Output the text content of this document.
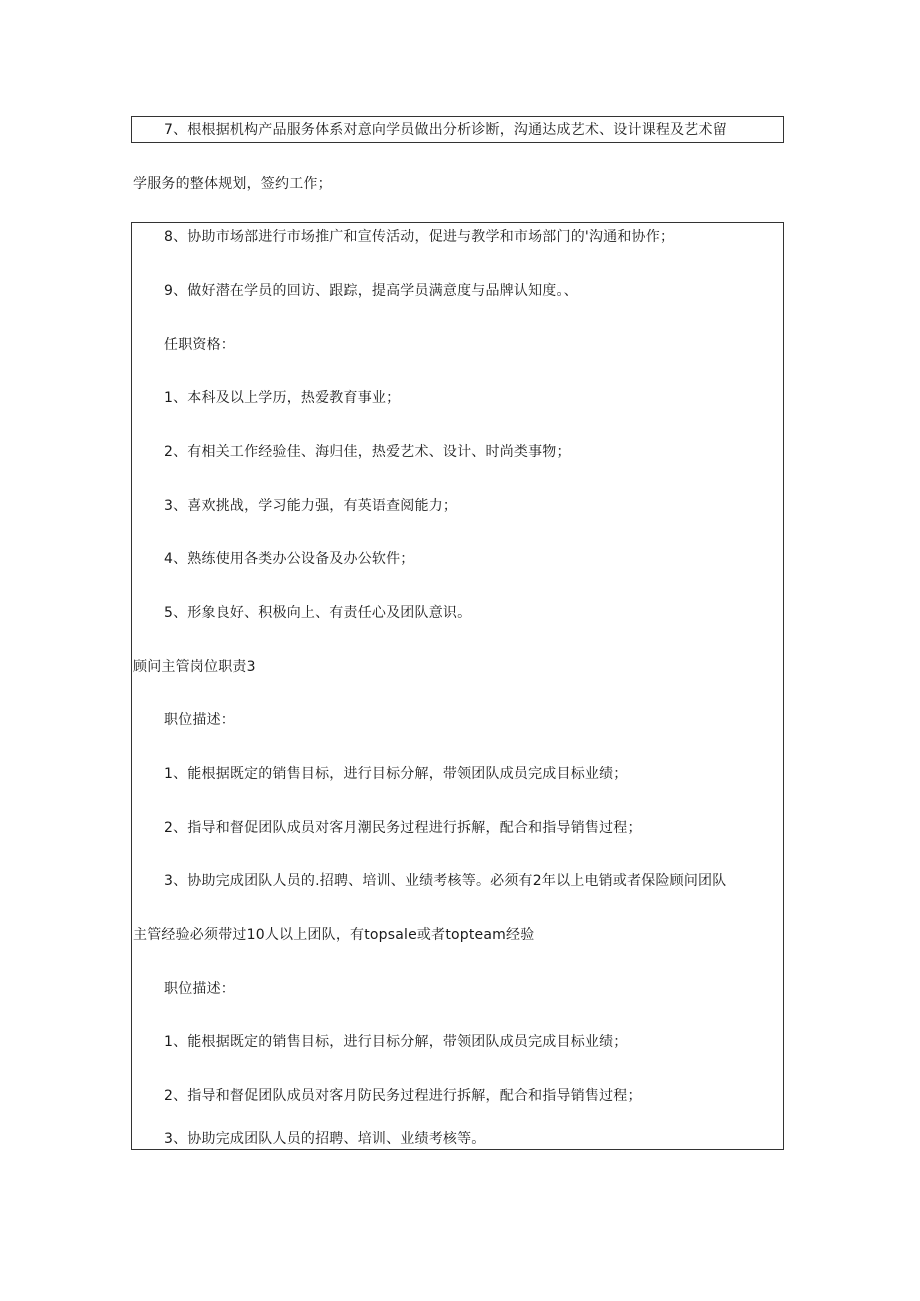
7、根根据机构产品服务体系对意向学员做出分析诊断，沟通达成艺术、设计课程及艺术留
学服务的整体规划，签约工作；
8、协助市场部进行市场推广和宣传活动，促进与教学和市场部门的'沟通和协作；
9、做好潜在学员的回访、跟踪，提高学员满意度与品牌认知度。、
任职资格：
1、本科及以上学历，热爱教育事业；
2、有相关工作经验佳、海归佳，热爱艺术、设计、时尚类事物；
3、喜欢挑战，学习能力强，有英语查阅能力；
4、熟练使用各类办公设备及办公软件；
5、形象良好、积极向上、有责任心及团队意识。
顾问主管岗位职责3
职位描述：
1、能根据既定的销售目标，进行目标分解，带领团队成员完成目标业绩；
2、指导和督促团队成员对客月潮民务过程进行拆解，配合和指导销售过程；
3、协助完成团队人员的.招聘、培训、业绩考核等。必须有2年以上电销或者保险顾问团队
主管经验必须带过10人以上团队，有topsale或者topteam经验
职位描述：
1、能根据既定的销售目标，进行目标分解，带领团队成员完成目标业绩；
2、指导和督促团队成员对客月防民务过程进行拆解，配合和指导销售过程；
3、协助完成团队人员的招聘、培训、业绩考核等。
